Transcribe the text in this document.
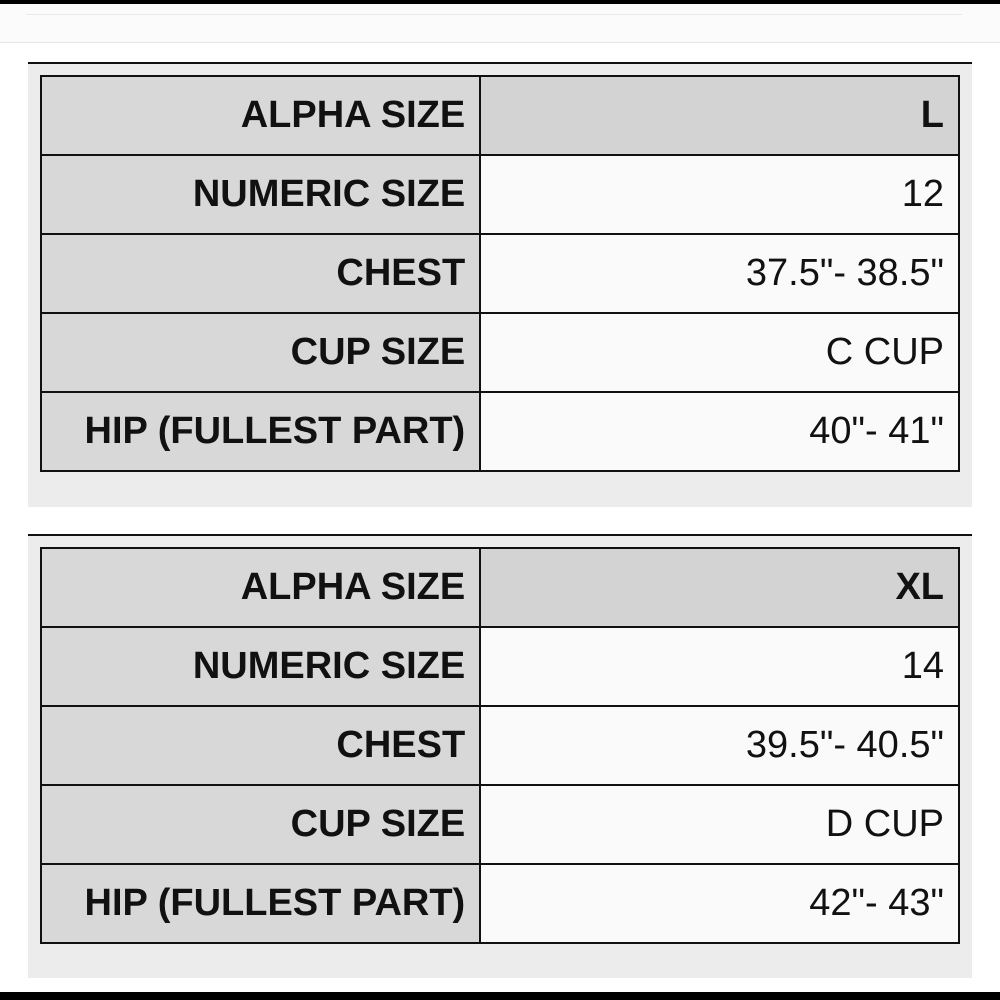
ALPHA SIZE	L
NUMERIC SIZE	12
CHEST	37.5"- 38.5"
CUP SIZE	C CUP
HIP (FULLEST PART)	40"- 41"
ALPHA SIZE	XL
NUMERIC SIZE	14
CHEST	39.5"- 40.5"
CUP SIZE	D CUP
HIP (FULLEST PART)	42"- 43"
